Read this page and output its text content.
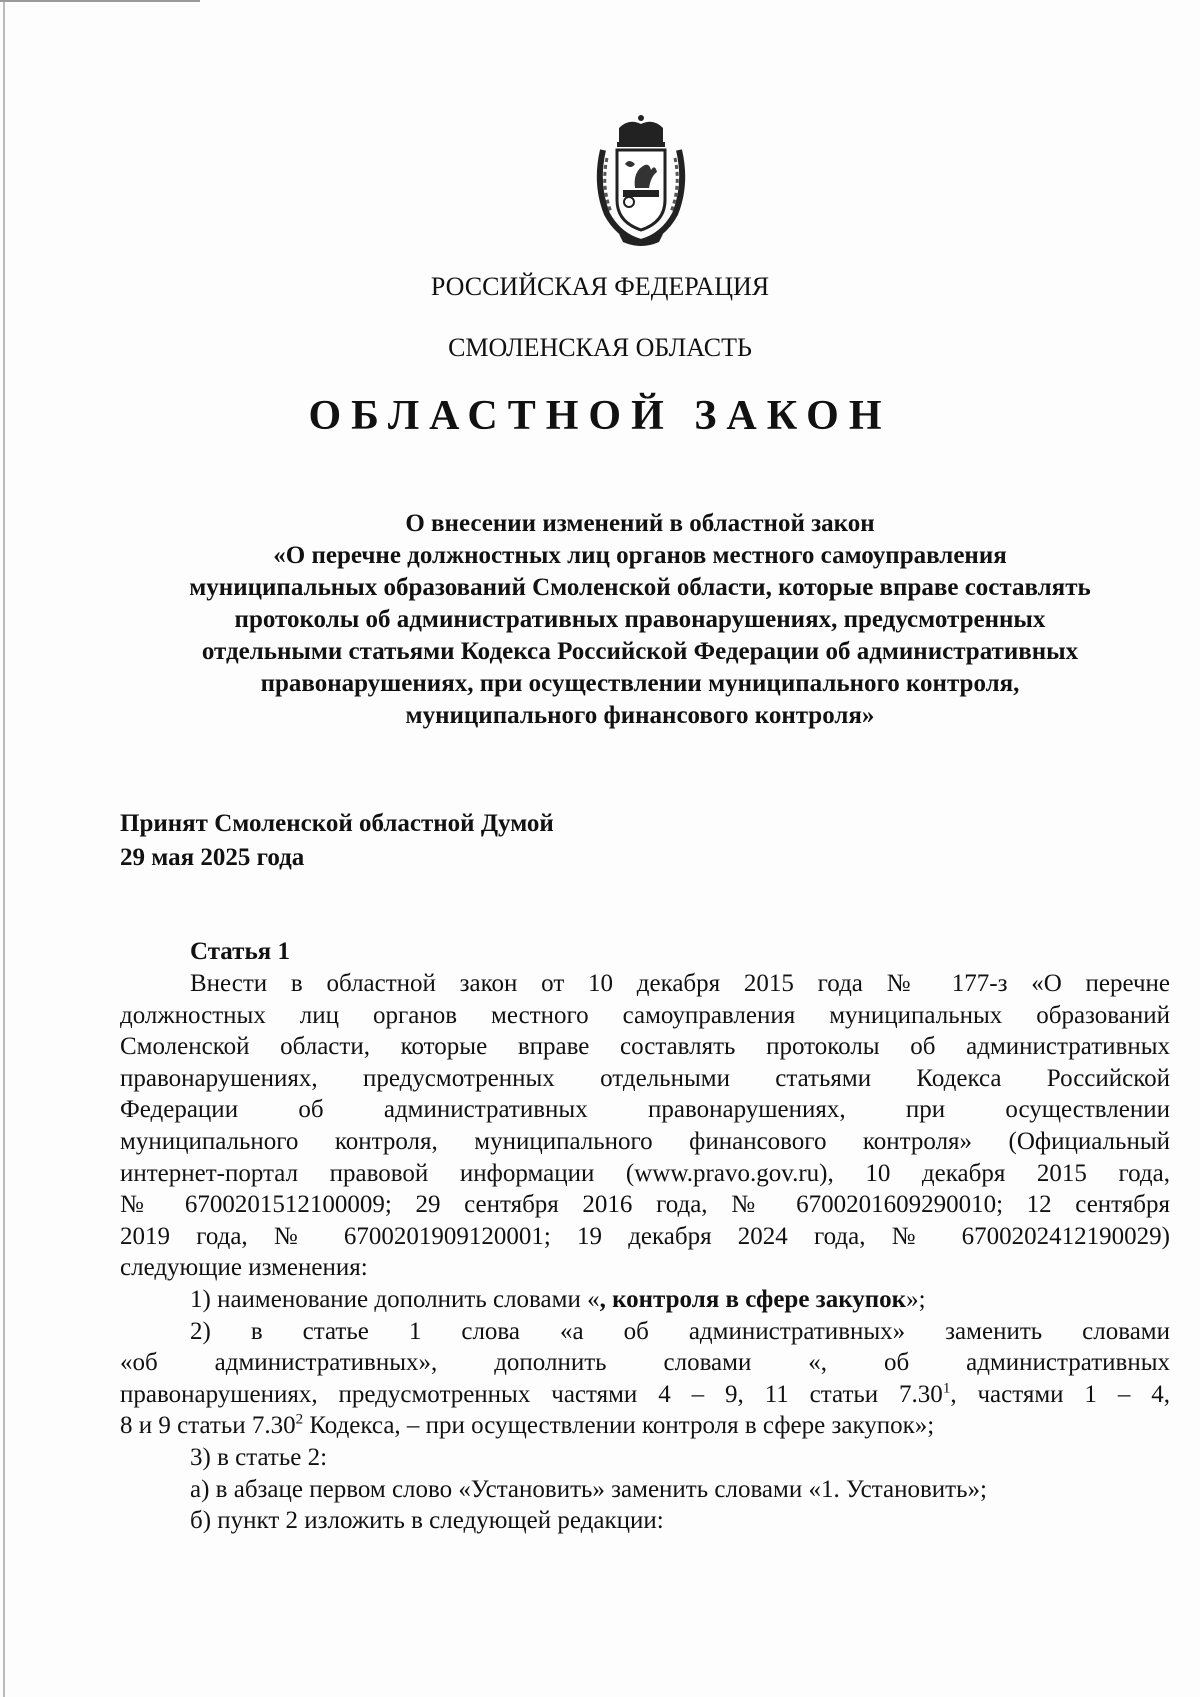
РОССИЙСКАЯ ФЕДЕРАЦИЯ
СМОЛЕНСКАЯ ОБЛАСТЬ
ОБЛАСТНОЙ ЗАКОН
О внесении изменений в областной закон
«О перечне должностных лиц органов местного самоуправления
муниципальных образований Смоленской области, которые вправе составлять
протоколы об административных правонарушениях, предусмотренных
отдельными статьями Кодекса Российской Федерации об административных
правонарушениях, при осуществлении муниципального контроля,
муниципального финансового контроля»
Принят Смоленской областной Думой
29 мая 2025 года
Статья 1
Внести в областной закон от 10 декабря 2015 года № 177-з «О перечне
должностных лиц органов местного самоуправления муниципальных образований
Смоленской области, которые вправе составлять протоколы об административных
правонарушениях, предусмотренных отдельными статьями Кодекса Российской
Федерации об административных правонарушениях, при осуществлении
муниципального контроля, муниципального финансового контроля» (Официальный
интернет-портал правовой информации (www.pravo.gov.ru), 10 декабря 2015 года,
№ 6700201512100009; 29 сентября 2016 года, № 6700201609290010; 12 сентября
2019 года, № 6700201909120001; 19 декабря 2024 года, № 6700202412190029)
следующие изменения:
1) наименование дополнить словами «, контроля в сфере закупок»;
2) в статье 1 слова «а об административных» заменить словами
«об административных», дополнить словами «, об административных
правонарушениях, предусмотренных частями 4 – 9, 11 статьи 7.30$^1$, частями 1 – 4,
8 и 9 статьи 7.30$^2$ Кодекса, – при осуществлении контроля в сфере закупок»;
3) в статье 2:
а) в абзаце первом слово «Установить» заменить словами «1. Установить»;
б) пункт 2 изложить в следующей редакции:
